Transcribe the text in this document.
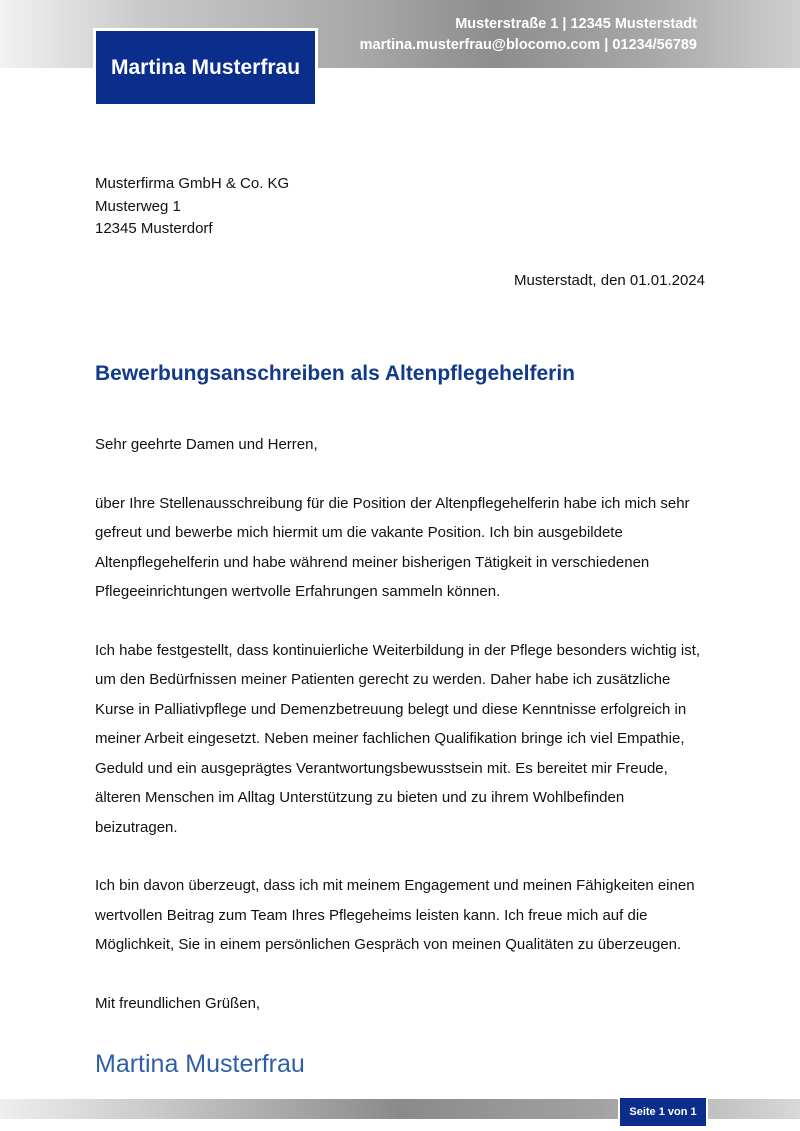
Musterstraße 1 | 12345 Musterstadt
martina.musterfrau@blocomo.com | 01234/56789
Martina Musterfrau
Musterfirma GmbH & Co. KG
Musterweg 1
12345 Musterdorf
Musterstadt, den 01.01.2024
Bewerbungsanschreiben als Altenpflegehelferin

Sehr geehrte Damen und Herren,

über Ihre Stellenausschreibung für die Position der Altenpflegehelferin habe ich mich sehr gefreut und bewerbe mich hiermit um die vakante Position. Ich bin ausgebildete Altenpflegehelferin und habe während meiner bisherigen Tätigkeit in verschiedenen Pflegeeinrichtungen wertvolle Erfahrungen sammeln können.

Ich habe festgestellt, dass kontinuierliche Weiterbildung in der Pflege besonders wichtig ist, um den Bedürfnissen meiner Patienten gerecht zu werden. Daher habe ich zusätzliche Kurse in Palliativpflege und Demenzbetreuung belegt und diese Kenntnisse erfolgreich in meiner Arbeit eingesetzt. Neben meiner fachlichen Qualifikation bringe ich viel Empathie, Geduld und ein ausgeprägtes Verantwortungsbewusstsein mit. Es bereitet mir Freude, älteren Menschen im Alltag Unterstützung zu bieten und zu ihrem Wohlbefinden beizutragen.

Ich bin davon überzeugt, dass ich mit meinem Engagement und meinen Fähigkeiten einen wertvollen Beitrag zum Team Ihres Pflegeheims leisten kann. Ich freue mich auf die Möglichkeit, Sie in einem persönlichen Gespräch von meinen Qualitäten zu überzeugen.

Mit freundlichen Grüßen,

Martina Musterfrau
Seite 1 von 1
